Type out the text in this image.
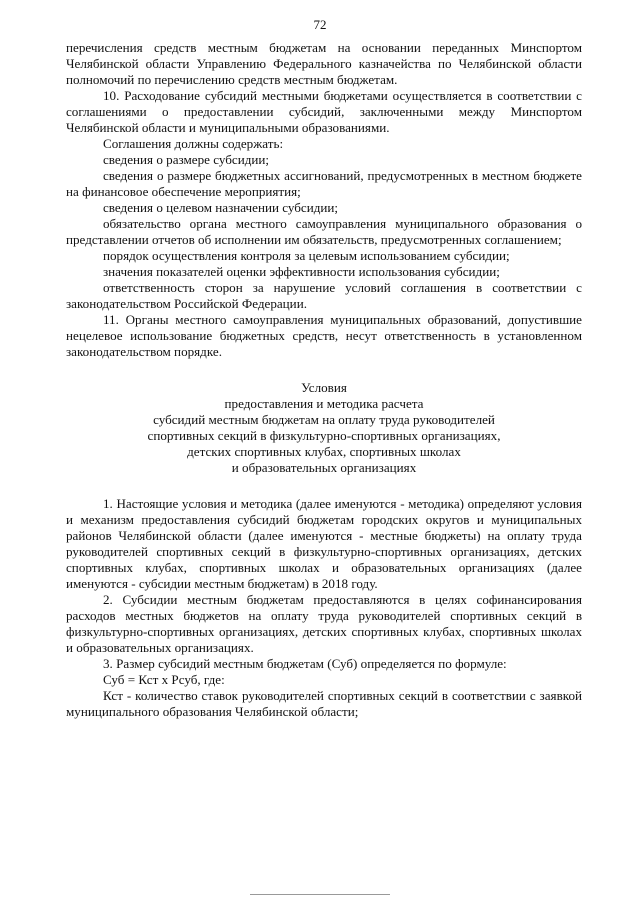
72

перечисления средств местным бюджетам на основании переданных Минспортом Челябинской области Управлению Федерального казначейства по Челябинской области полномочий по перечислению средств местным бюджетам.

10. Расходование субсидий местными бюджетами осуществляется в соответствии с соглашениями о предоставлении субсидий, заключенными между Минспортом Челябинской области и муниципальными образованиями.

Соглашения должны содержать:

сведения о размере субсидии;

сведения о размере бюджетных ассигнований, предусмотренных в местном бюджете на финансовое обеспечение мероприятия;

сведения о целевом назначении субсидии;

обязательство органа местного самоуправления муниципального образования о представлении отчетов об исполнении им обязательств, предусмотренных соглашением;

порядок осуществления контроля за целевым использованием субсидии;

значения показателей оценки эффективности использования субсидии;

ответственность сторон за нарушение условий соглашения в соответствии с законодательством Российской Федерации.

11. Органы местного самоуправления муниципальных образований, допустившие нецелевое использование бюджетных средств, несут ответственность в установленном законодательством порядке.

Условия

предоставления и методика расчета

субсидий местным бюджетам на оплату труда руководителей

спортивных секций в физкультурно-спортивных организациях,

детских спортивных клубах, спортивных школах

и образовательных организациях

1. Настоящие условия и методика (далее именуются - методика) определяют условия и механизм предоставления субсидий бюджетам городских округов и муниципальных районов Челябинской области (далее именуются - местные бюджеты) на оплату труда руководителей спортивных секций в физкультурно-спортивных организациях, детских спортивных клубах, спортивных школах и образовательных организациях (далее именуются - субсидии местным бюджетам) в 2018 году.

2. Субсидии местным бюджетам предоставляются в целях софинансирования расходов местных бюджетов на оплату труда руководителей спортивных секций в физкультурно-спортивных организациях, детских спортивных клубах, спортивных школах и образовательных организациях.

3. Размер субсидий местным бюджетам (Суб) определяется по формуле:

Суб = Кст х Рсуб, где:

Кст - количество ставок руководителей спортивных секций в соответствии с заявкой муниципального образования Челябинской области;
